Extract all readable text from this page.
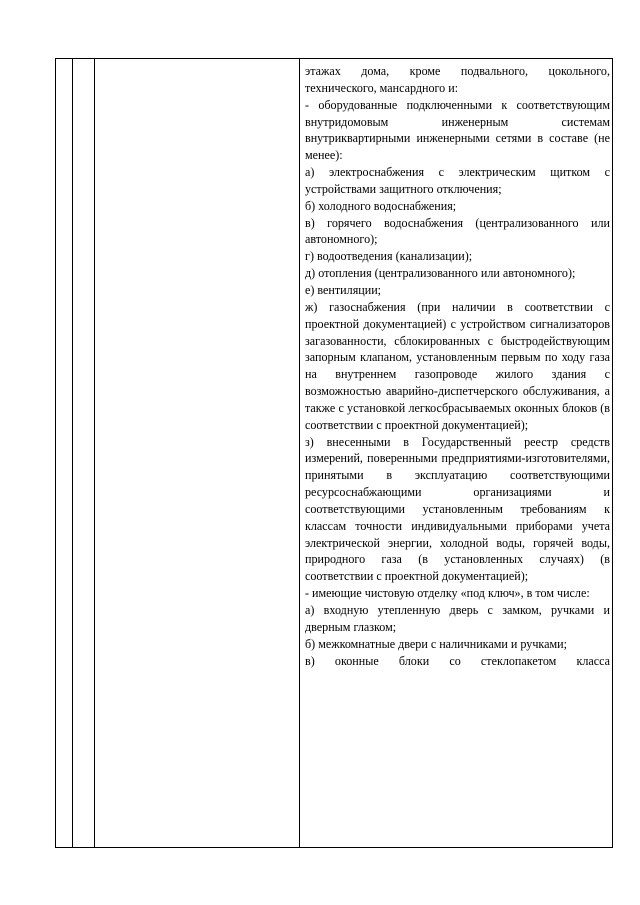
этажах дома, кроме подвального, цокольного, технического, мансардного и:

- оборудованные подключенными к соответствующим внутридомовым инженерным системам внутриквартирными инженерными сетями в составе (не менее):

а) электроснабжения с электрическим щитком с устройствами защитного отключения;

б) холодного водоснабжения;

в) горячего водоснабжения (централизованного или автономного);

г) водоотведения (канализации);

д) отопления (централизованного или автономного);

е) вентиляции;

ж) газоснабжения (при наличии в соответствии с проектной документацией) с устройством сигнализаторов загазованности, сблокированных с быстродействующим запорным клапаном, установленным первым по ходу газа на внутреннем газопроводе жилого здания с возможностью аварийно-диспетчерского обслуживания, а также с установкой легкосбрасываемых оконных блоков (в соответствии с проектной документацией);

з) внесенными в Государственный реестр средств измерений, поверенными предприятиями-изготовителями, принятыми в эксплуатацию соответствующими ресурсоснабжающими организациями и соответствующими установленным требованиям к классам точности индивидуальными приборами учета электрической энергии, холодной воды, горячей воды, природного газа (в установленных случаях) (в соответствии с проектной документацией);

- имеющие чистовую отделку «под ключ», в том числе:

а) входную утепленную дверь с замком, ручками и дверным глазком;

б) межкомнатные двери с наличниками и ручками;

в) оконные блоки со стеклопакетом класса
